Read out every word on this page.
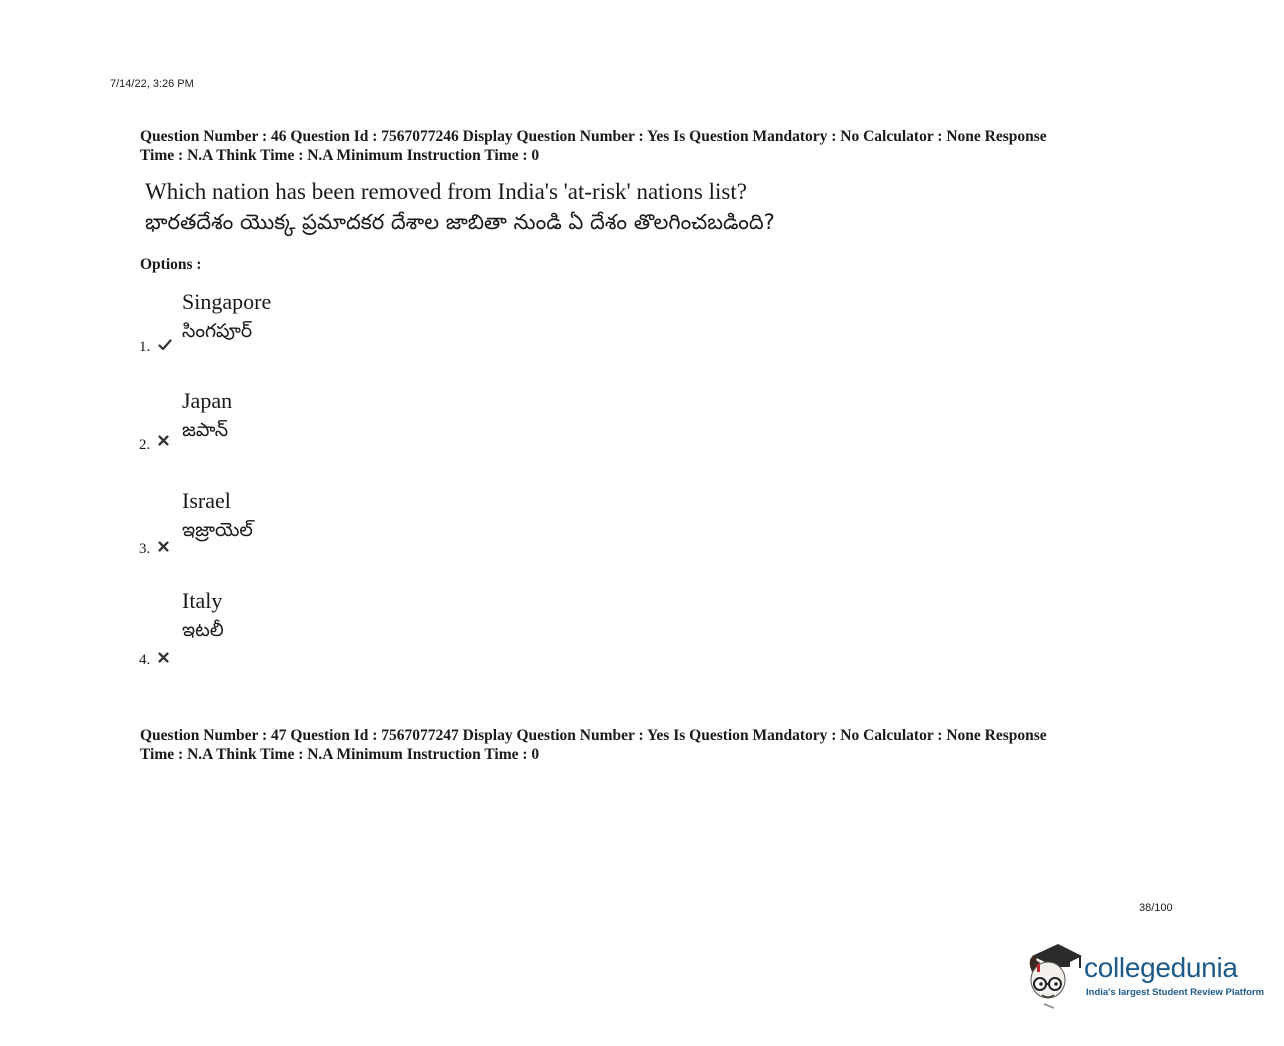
7/14/22, 3:26 PM
Question Number : 46 Question Id : 7567077246 Display Question Number : Yes Is Question Mandatory : No Calculator : None Response
Time : N.A Think Time : N.A Minimum Instruction Time : 0
Which nation has been removed from India's 'at-risk' nations list?
భారతదేశం యొక్క ప్రమాదకర దేశాల జాబితా నుండి ఏ దేశం తొలగించబడింది?
Options :
Singapore
సింగపూర్
1.
Japan
జపాన్
2.
Israel
ఇజ్రాయెల్
3.
Italy
ఇటలీ
4.
Question Number : 47 Question Id : 7567077247 Display Question Number : Yes Is Question Mandatory : No Calculator : None Response
Time : N.A Think Time : N.A Minimum Instruction Time : 0
38/100
collegedunia
India's largest Student Review Platform
